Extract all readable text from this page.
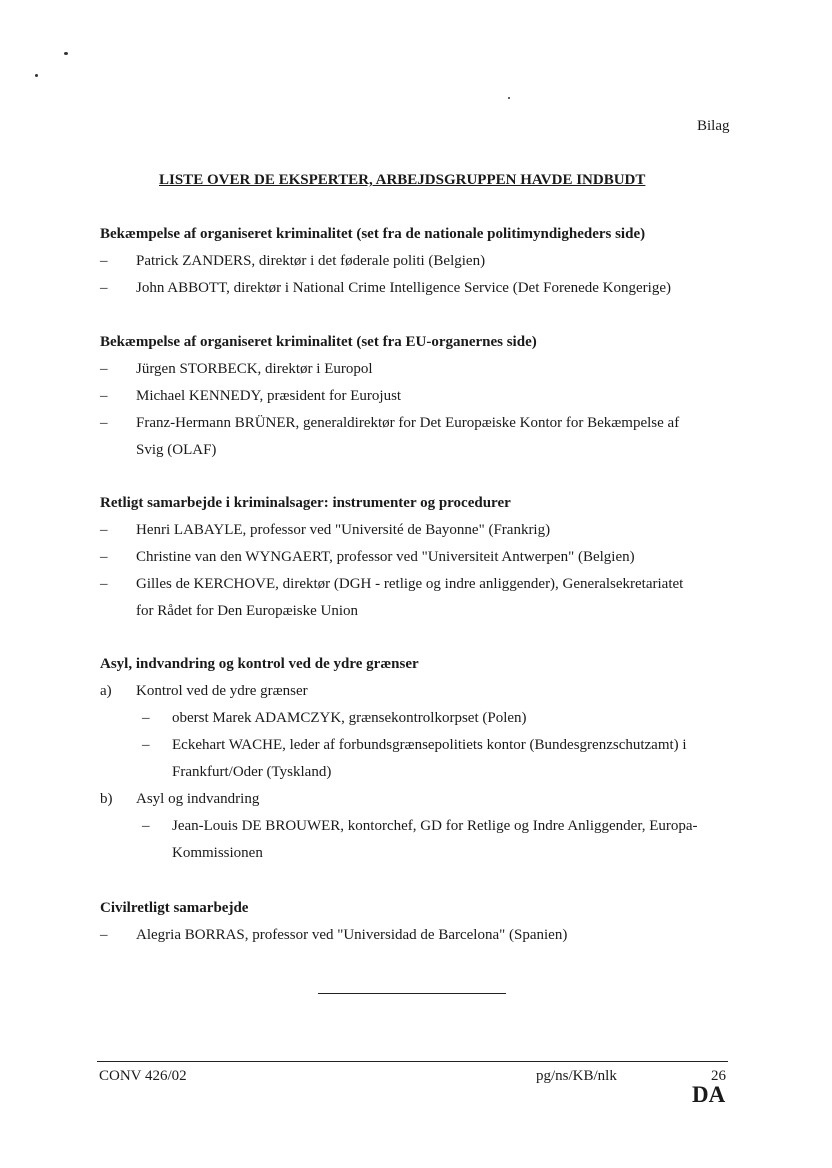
Bilag
LISTE OVER DE EKSPERTER, ARBEJDSGRUPPEN HAVDE INDBUDT
Bekæmpelse af organiseret kriminalitet (set fra de nationale politimyndigheders side)
– Patrick ZANDERS, direktør i det føderale politi (Belgien)
– John ABBOTT, direktør i National Crime Intelligence Service (Det Forenede Kongerige)
Bekæmpelse af organiseret kriminalitet (set fra EU-organernes side)
– Jürgen STORBECK, direktør i Europol
– Michael KENNEDY, præsident for Eurojust
– Franz-Hermann BRÜNER, generaldirektør for Det Europæiske Kontor for Bekæmpelse af
Svig (OLAF)
Retligt samarbejde i kriminalsager: instrumenter og procedurer
– Henri LABAYLE, professor ved "Université de Bayonne" (Frankrig)
– Christine van den WYNGAERT, professor ved "Universiteit Antwerpen" (Belgien)
– Gilles de KERCHOVE, direktør (DGH - retlige og indre anliggender), Generalsekretariatet
for Rådet for Den Europæiske Union
Asyl, indvandring og kontrol ved de ydre grænser
a) Kontrol ved de ydre grænser
– oberst Marek ADAMCZYK, grænsekontrolkorpset (Polen)
– Eckehart WACHE, leder af forbundsgrænsepolitiets kontor (Bundesgrenzschutzamt) i
Frankfurt/Oder (Tyskland)
b) Asyl og indvandring
– Jean-Louis DE BROUWER, kontorchef, GD for Retlige og Indre Anliggender, Europa-
Kommissionen
Civilretligt samarbejde
– Alegria BORRAS, professor ved "Universidad de Barcelona" (Spanien)
CONV 426/02	pg/ns/KB/nlk	26
DA
